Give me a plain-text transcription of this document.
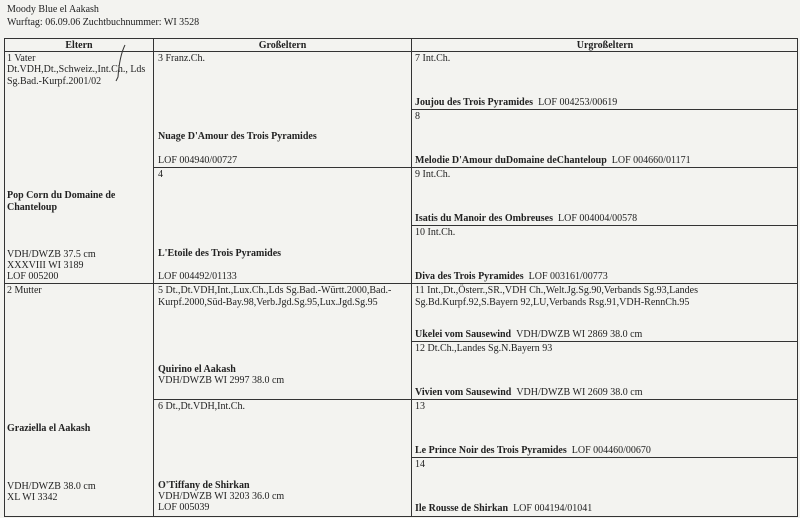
Moody Blue el Aakash
Wurftag: 06.09.06 Zuchtbuchnummer: WI 3528
Eltern	Großeltern	Urgroßeltern
1 Vater
Dt.VDH,Dt.,Schweiz.,Int.Ch., Lds Sg.Bad.-Kurpf.2001/02
Pop Corn du Domaine de Chanteloup
VDH/DWZB 37.5 cm
XXXVIII WI 3189
LOF 005200
2 Mutter
Graziella el Aakash
VDH/DWZB 38.0 cm
XL WI 3342
3 Franz.Ch.
Nuage D'Amour des Trois Pyramides
LOF 004940/00727
4
L'Etoile des Trois Pyramides
LOF 004492/01133
5 Dt.,Dt.VDH,Int.,Lux.Ch.,Lds Sg.Bad.-Württ.2000,Bad.-Kurpf.2000,Süd-Bay.98,Verb.Jgd.Sg.95,Lux.Jgd.Sg.95
Quirino el Aakash
VDH/DWZB WI 2997 38.0 cm
6 Dt.,Dt.VDH,Int.Ch.
O'Tiffany de Shirkan
VDH/DWZB WI 3203 36.0 cm
LOF 005039
7 Int.Ch.
Joujou des Trois Pyramides LOF 004253/00619
8
Melodie D'Amour duDomaine deChanteloup LOF 004660/01171
9 Int.Ch.
Isatis du Manoir des Ombreuses LOF 004004/00578
10 Int.Ch.
Diva des Trois Pyramides LOF 003161/00773
11 Int.,Dt.,Österr.,SR.,VDH Ch.,Welt.Jg.Sg.90,Verbands Sg.93,Landes Sg.Bd.Kurpf.92,S.Bayern 92,LU,Verbands Rsg.91,VDH-RennCh.95
Ukelei vom Sausewind VDH/DWZB WI 2869 38.0 cm
12 Dt.Ch.,Landes Sg.N.Bayern 93
Vivien vom Sausewind VDH/DWZB WI 2609 38.0 cm
13
Le Prince Noir des Trois Pyramides LOF 004460/00670
14
Ile Rousse de Shirkan LOF 004194/01041
